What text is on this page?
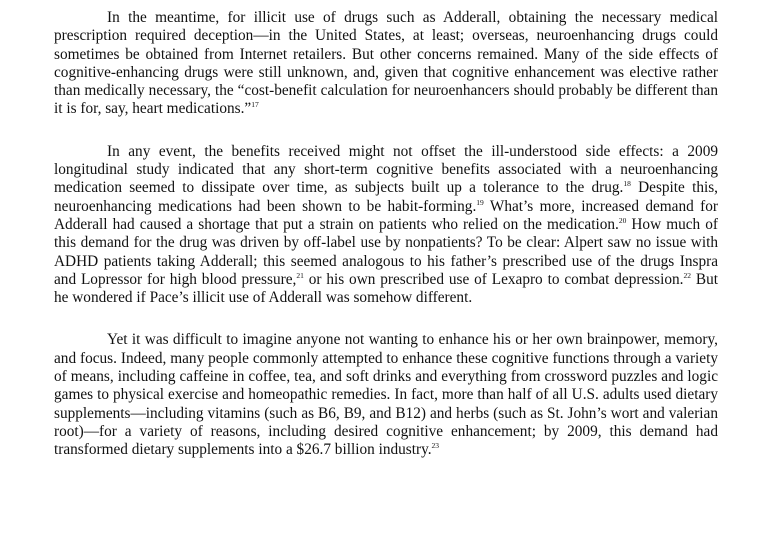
In the meantime, for illicit use of drugs such as Adderall, obtaining the necessary medical prescription required deception—in the United States, at least; overseas, neuroenhancing drugs could sometimes be obtained from Internet retailers. But other concerns remained. Many of the side effects of cognitive-enhancing drugs were still unknown, and, given that cognitive enhancement was elective rather than medically necessary, the “cost-benefit calculation for neuroenhancers should probably be different than it is for, say, heart medications.”$^{17}$

In any event, the benefits received might not offset the ill-understood side effects: a 2009 longitudinal study indicated that any short-term cognitive benefits associated with a neuroenhancing medication seemed to dissipate over time, as subjects built up a tolerance to the drug.$^{18}$ Despite this, neuroenhancing medications had been shown to be habit-forming.$^{19}$ What’s more, increased demand for Adderall had caused a shortage that put a strain on patients who relied on the medication.$^{20}$ How much of this demand for the drug was driven by off-label use by nonpatients? To be clear: Alpert saw no issue with ADHD patients taking Adderall; this seemed analogous to his father’s prescribed use of the drugs Inspra and Lopressor for high blood pressure,$^{21}$ or his own prescribed use of Lexapro to combat depression.$^{22}$ But he wondered if Pace’s illicit use of Adderall was somehow different.

Yet it was difficult to imagine anyone not wanting to enhance his or her own brainpower, memory, and focus. Indeed, many people commonly attempted to enhance these cognitive functions through a variety of means, including caffeine in coffee, tea, and soft drinks and everything from crossword puzzles and logic games to physical exercise and homeopathic remedies. In fact, more than half of all U.S. adults used dietary supplements—including vitamins (such as B6, B9, and B12) and herbs (such as St. John’s wort and valerian root)—for a variety of reasons, including desired cognitive enhancement; by 2009, this demand had transformed dietary supplements into a $26.7 billion industry.$^{23}$
